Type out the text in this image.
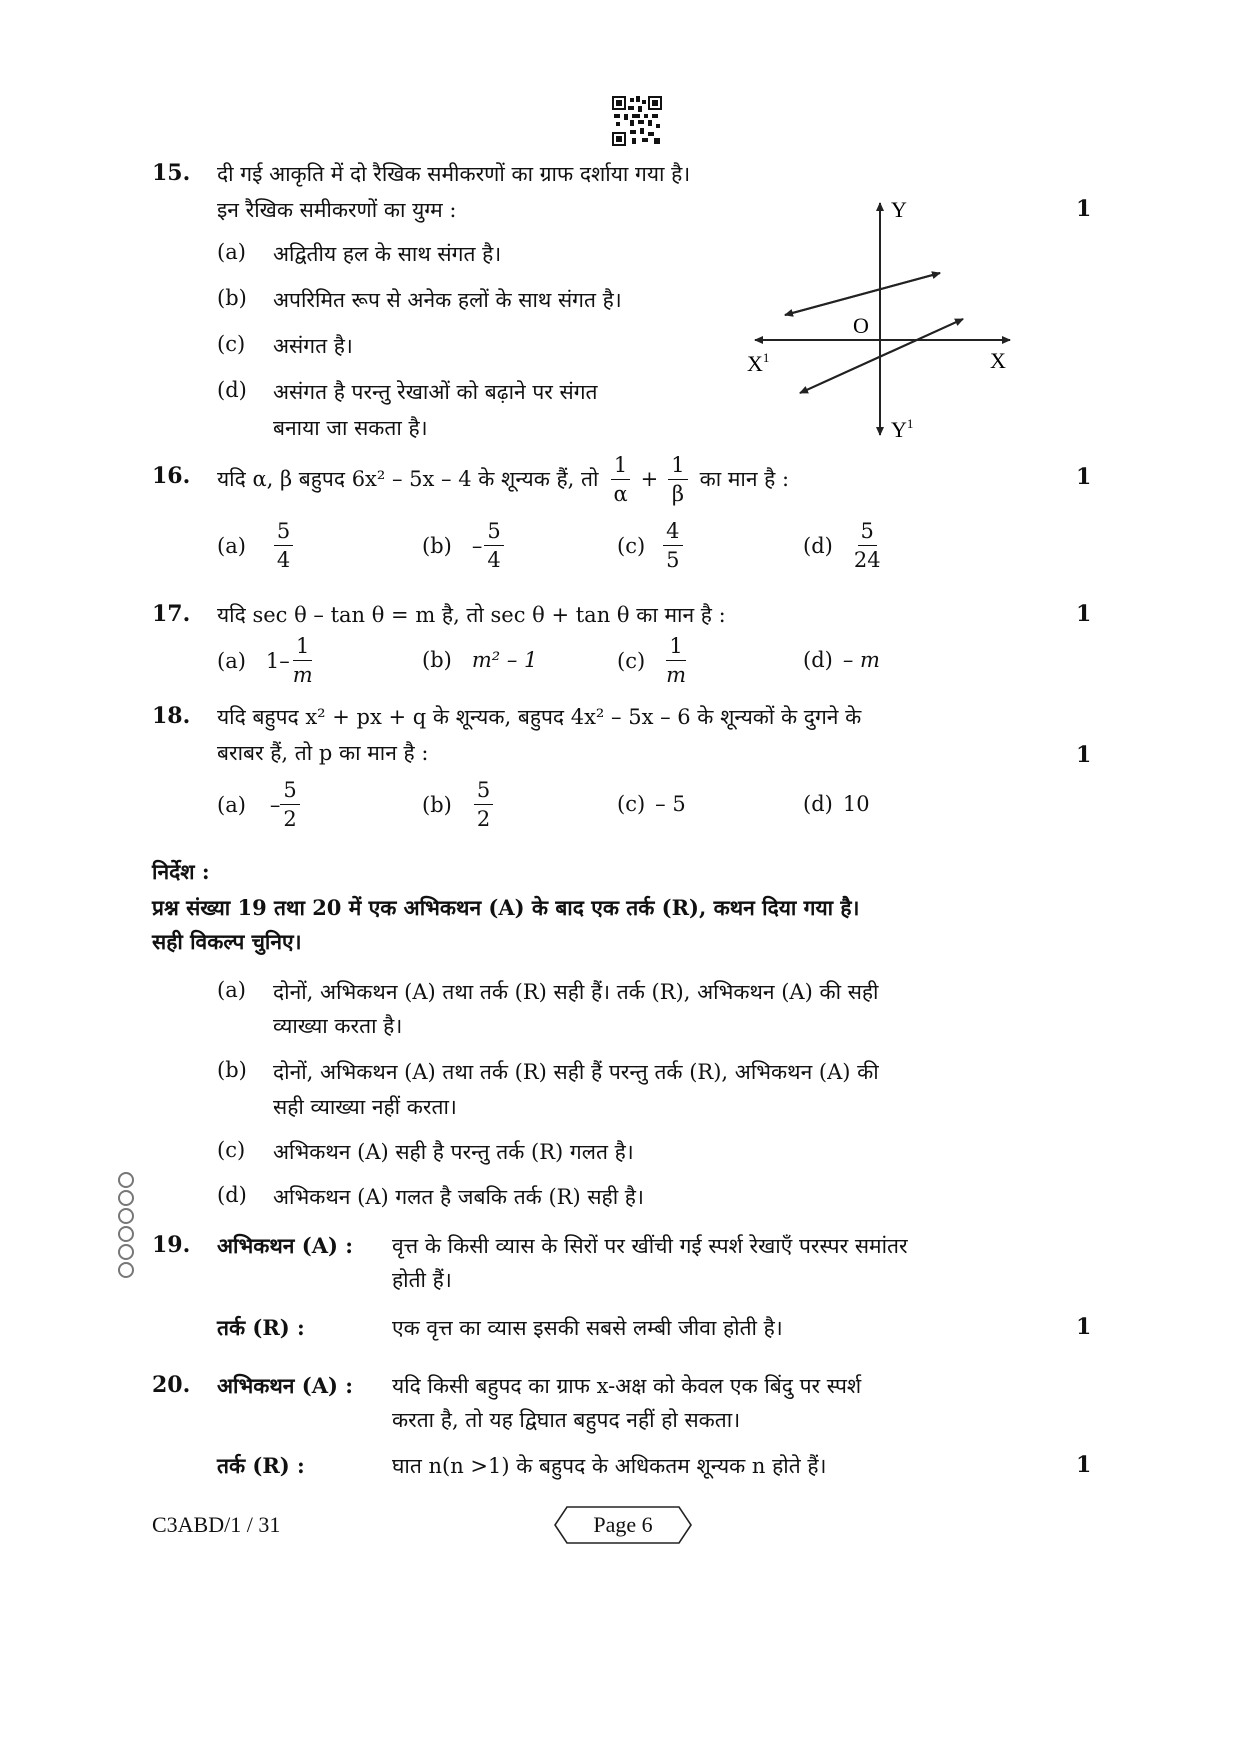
15. दी गई आकृति में दो रैखिक समीकरणों का ग्राफ दर्शाया गया है।
इन रैखिक समीकरणों का युग्म :	1
(a) अद्वितीय हल के साथ संगत है।
(b) अपरिमित रूप से अनेक हलों के साथ संगत है।
(c) असंगत है।
(d) असंगत है परन्तु रेखाओं को बढ़ाने पर संगत
बनाया जा सकता है।
Y
O
X
$X^1$
$Y^1$
16. यदि α, β बहुपद 6x² – 5x – 4 के शून्यक हैं, तो $\frac{1}{\alpha} + \frac{1}{\beta}$ का मान है :	1
$(a) \frac{5}{4}$	$(b) - \frac{5}{4}$	$(c) \frac{4}{5}$	$(d) \frac{5}{24}$
17. यदि sec θ – tan θ = m है, तो sec θ + tan θ का मान है :	1
(a) $1- \frac{1}{m}$	(b) m² – 1	$(c) \frac{1}{m}$	(d) – m
18. यदि बहुपद x² + px + q के शून्यक, बहुपद 4x² – 5x – 6 के शून्यकों के दुगने के
बराबर हैं, तो p का मान है :	1
$(a) - \frac{5}{2}$	$(b) \frac{5}{2}$	(c) – 5	(d) 10
निर्देश :
प्रश्न संख्या 19 तथा 20 में एक अभिकथन (A) के बाद एक तर्क (R), कथन दिया गया है।
सही विकल्प चुनिए।
(a) दोनों, अभिकथन (A) तथा तर्क (R) सही हैं। तर्क (R), अभिकथन (A) की सही
व्याख्या करता है।
(b) दोनों, अभिकथन (A) तथा तर्क (R) सही हैं परन्तु तर्क (R), अभिकथन (A) की
सही व्याख्या नहीं करता।
(c) अभिकथन (A) सही है परन्तु तर्क (R) गलत है।
(d) अभिकथन (A) गलत है जबकि तर्क (R) सही है।
19. अभिकथन (A) : वृत्त के किसी व्यास के सिरों पर खींची गई स्पर्श रेखाएँ परस्पर समांतर
होती हैं।
तर्क (R) :	एक वृत्त का व्यास इसकी सबसे लम्बी जीवा होती है।	1
20. अभिकथन (A) : यदि किसी बहुपद का ग्राफ x-अक्ष को केवल एक बिंदु पर स्पर्श
करता है, तो यह द्विघात बहुपद नहीं हो सकता।
तर्क (R) :	घात n(n >1) के बहुपद के अधिकतम शून्यक n होते हैं।	1
C3ABD/1 / 31	Page 6
